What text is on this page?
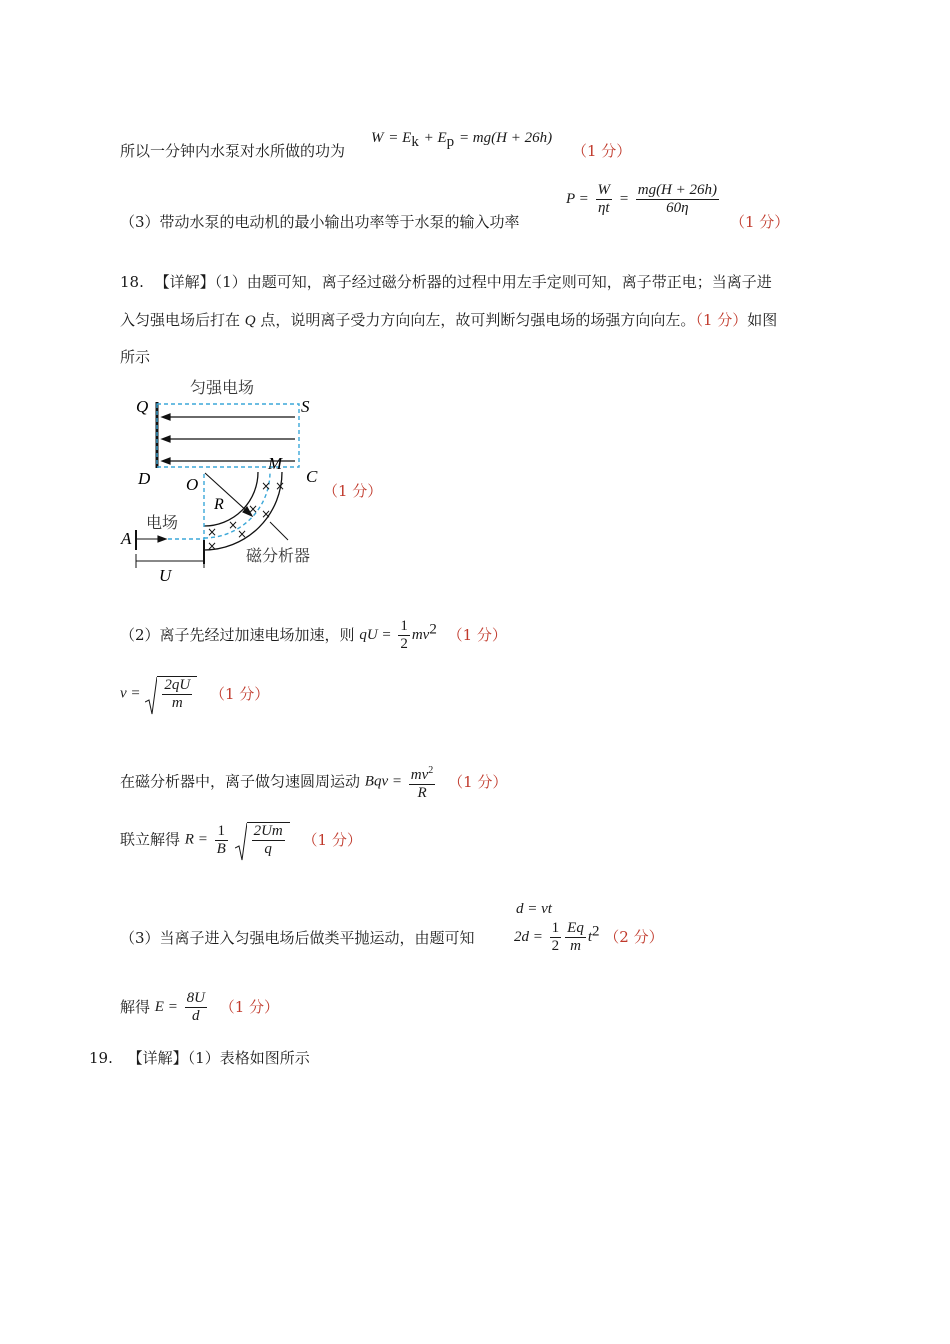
$W = E_k + E_p = mg(H + 26h)$
所以一分钟内水泵对水所做的功为	（1 分）
（3）带动水泵的电动机的最小输出功率等于水泵的输入功率
$P = \frac{W}{\eta t} = \frac{mg(H + 26h)}{60\eta}$
（1 分）
18. 【详解】（1）由题可知，离子经过磁分析器的过程中用左手定则可知，离子带正电；当离子进
入匀强电场后打在 Q 点，说明离子受力方向向左，故可判断匀强电场的场强方向向左。（1 分）如图
所示
匀强电场
Q	S
D	C
O
M
R
× ×
× ×
×
×
×
×
电场
A
U
磁分析器
（1 分）
（2）离子先经过加速电场加速，则 qU = $\frac{1}{2} mv^2$ （1 分）
$v = \frac{2qU}{m} (1$ 分）
在磁分析器中，离子做匀速圆周运动 Bqv = $\frac{mv^2}{R} (1$ 分）
联立解得 $R = \frac{1}{B}$
$\frac{2Um}{q} (1$ 分）
d = vt
（3）当离子进入匀强电场后做类平抛运动，由题可知	$2d = \frac{1}{2} \frac{Eq}{m} t^2$ （2 分）
解得 $E = \frac{8U}{d} (1$ 分）
19. 【详解】（1）表格如图所示
